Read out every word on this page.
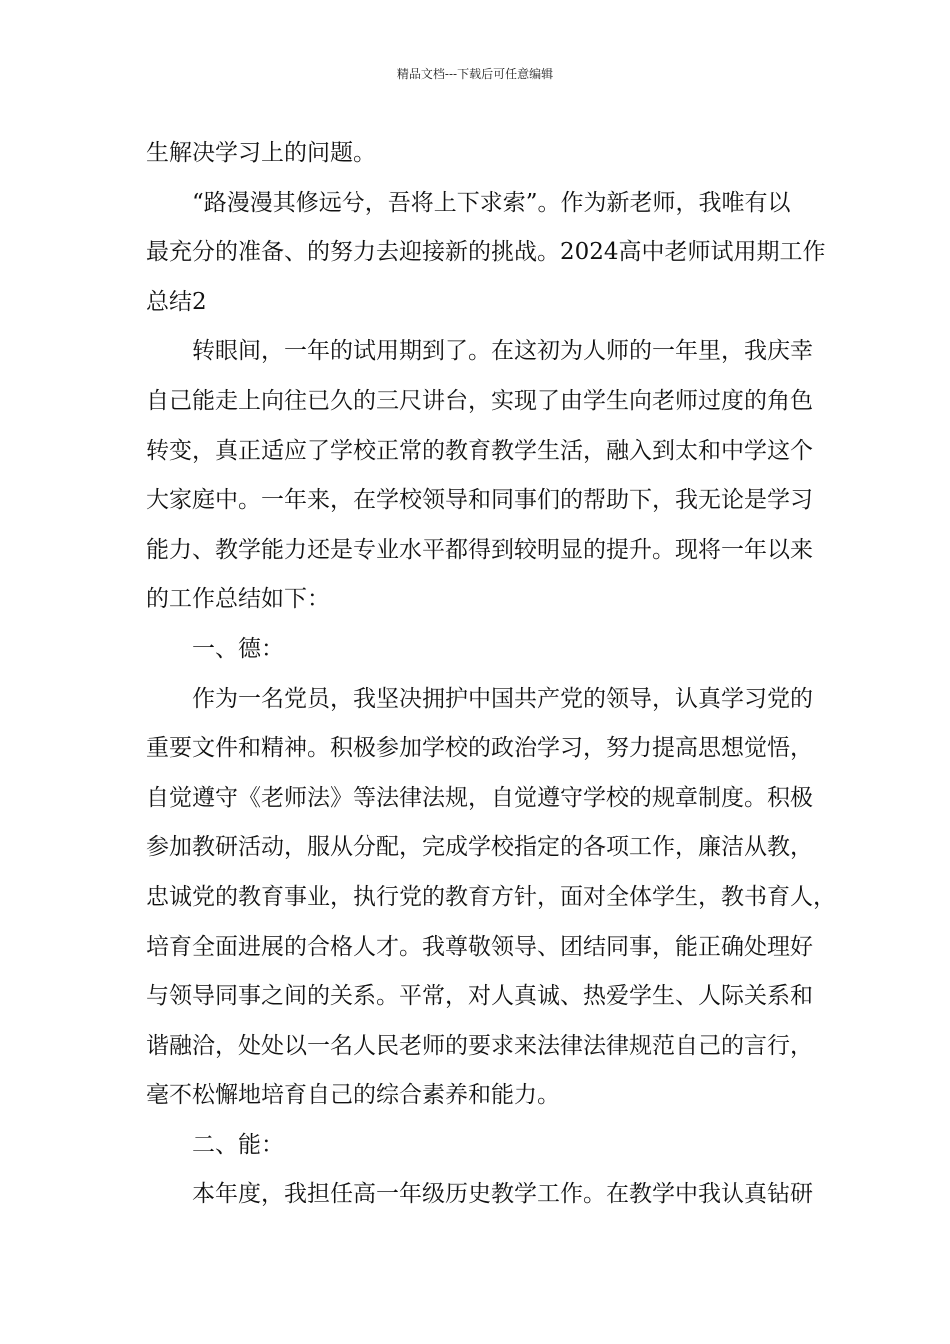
精品文档---下载后可任意编辑
生解决学习上的问题。
“路漫漫其修远兮，吾将上下求索”。作为新老师，我唯有以
最充分的准备、的努力去迎接新的挑战。2024高中老师试用期工作
总结2
转眼间，一年的试用期到了。在这初为人师的一年里，我庆幸
自己能走上向往已久的三尺讲台，实现了由学生向老师过度的角色
转变，真正适应了学校正常的教育教学生活，融入到太和中学这个
大家庭中。一年来，在学校领导和同事们的帮助下，我无论是学习
能力、教学能力还是专业水平都得到较明显的提升。现将一年以来
的工作总结如下：
一、德：
作为一名党员，我坚决拥护中国共产党的领导，认真学习党的
重要文件和精神。积极参加学校的政治学习，努力提高思想觉悟，
自觉遵守《老师法》等法律法规，自觉遵守学校的规章制度。积极
参加教研活动，服从分配，完成学校指定的各项工作，廉洁从教，
忠诚党的教育事业，执行党的教育方针，面对全体学生，教书育人，
培育全面进展的合格人才。我尊敬领导、团结同事，能正确处理好
与领导同事之间的关系。平常，对人真诚、热爱学生、人际关系和
谐融洽，处处以一名人民老师的要求来法律法律规范自己的言行，
毫不松懈地培育自己的综合素养和能力。
二、能：
本年度，我担任高一年级历史教学工作。在教学中我认真钻研
